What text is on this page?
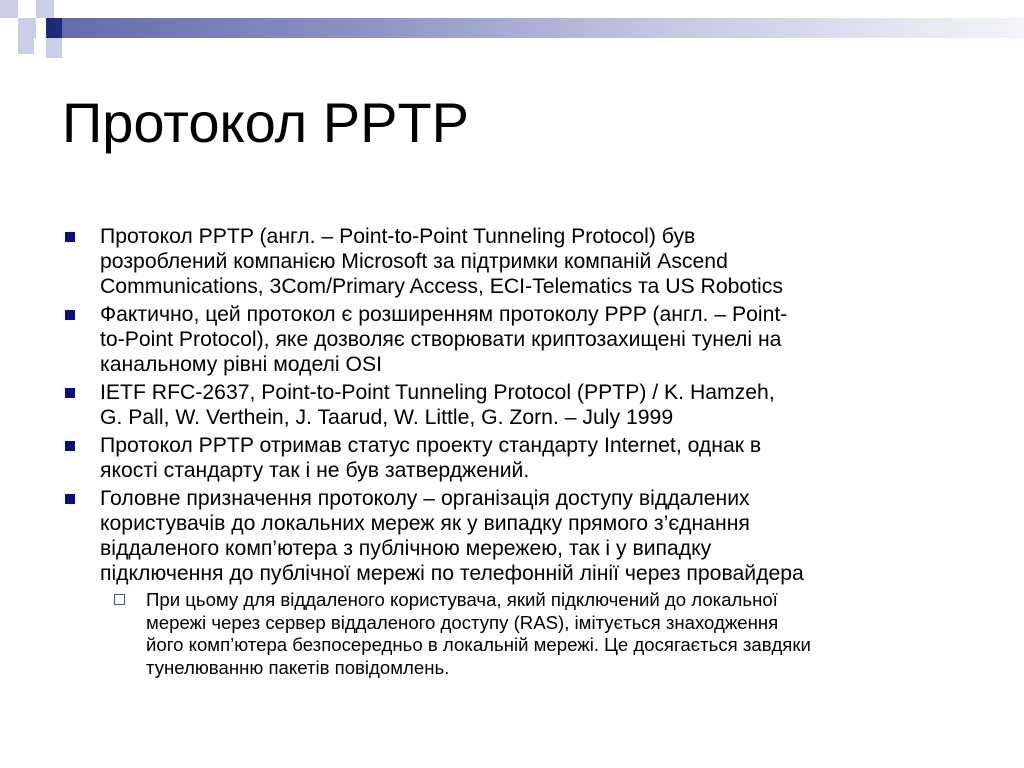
Протокол PPTP
Протокол PPTP (англ. – Point-to-Point Tunneling Protocol) був
розроблений компанією Microsoft за підтримки компаній Ascend
Communications, 3Com/Primary Access, ECI-Telematics та US Robotics
Фактично, цей протокол є розширенням протоколу PPP (англ. – Point-
to-Point Protocol), яке дозволяє створювати криптозахищені тунелі на
канальному рівні моделі OSI
IETF RFC-2637, Point-to-Point Tunneling Protocol (PPTP) / K. Hamzeh,
G. Pall, W. Verthein, J. Taarud, W. Little, G. Zorn. – July 1999
Протокол PPTP отримав статус проекту стандарту Internet, однак в
якості стандарту так і не був затверджений.
Головне призначення протоколу – організація доступу віддалених
користувачів до локальних мереж як у випадку прямого з’єднання
віддаленого комп’ютера з публічною мережею, так і у випадку
підключення до публічної мережі по телефонній лінії через провайдера
При цьому для віддаленого користувача, який підключений до локальної
мережі через сервер віддаленого доступу (RAS), імітується знаходження
його комп’ютера безпосередньо в локальній мережі. Це досягається завдяки
тунелюванню пакетів повідомлень.
